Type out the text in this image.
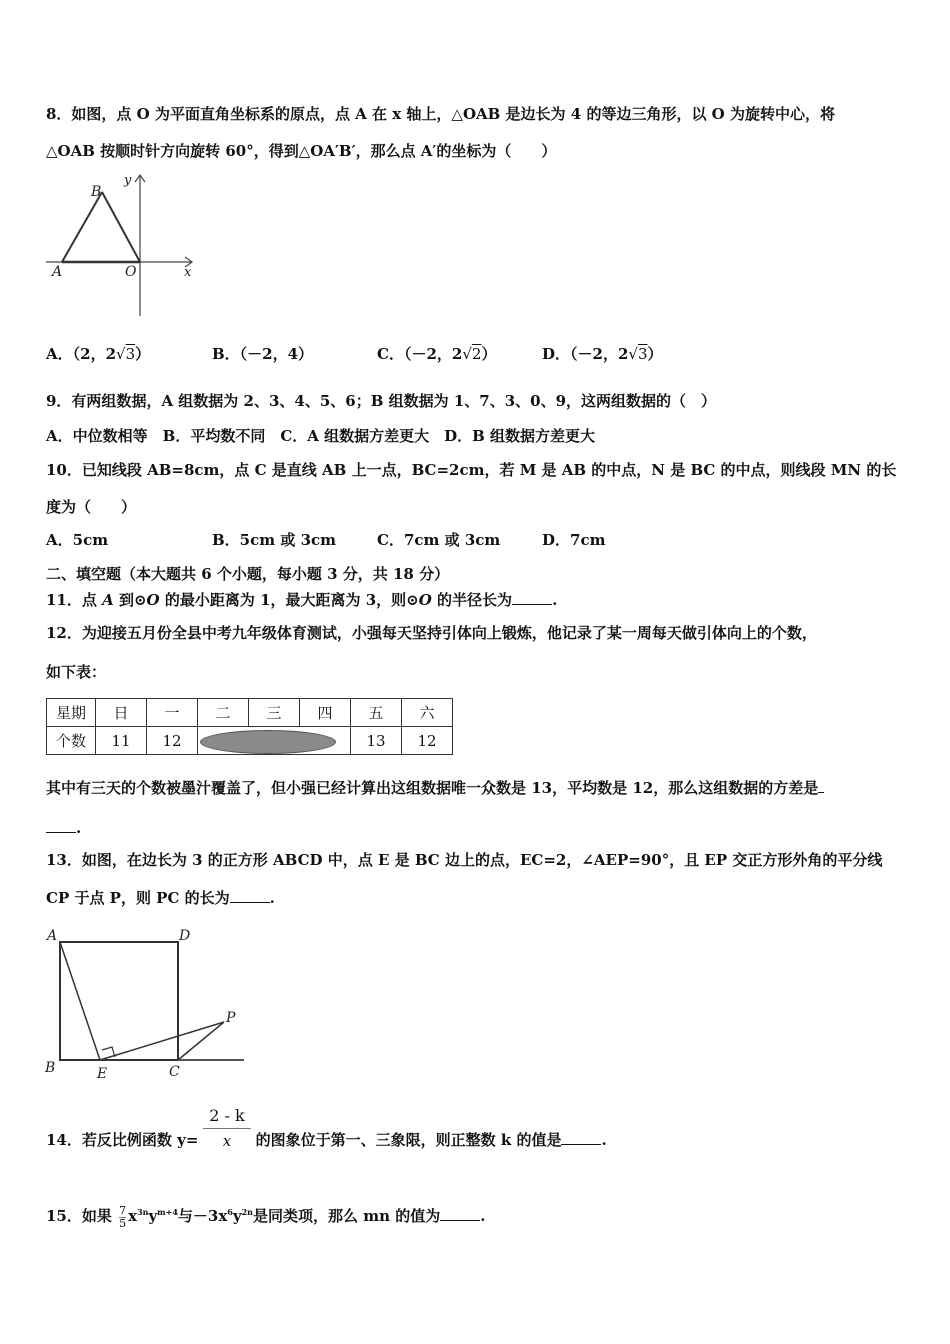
8．如图，点 O 为平面直角坐标系的原点，点 A 在 x 轴上，△OAB 是边长为 4 的等边三角形，以 O 为旋转中心，将
△OAB 按顺时针方向旋转 60°，得到△OA′B′，那么点 A′的坐标为（　　）
B
y
A	O	x
A．（2，2√3）	B．（－2，4）	C．（－2，2√2）	D．（－2，2√3）
9．有两组数据，A 组数据为 2、3、4、5、6；B 组数据为 1、7、3、0、9，这两组数据的（　）
A．中位数相等　B．平均数不同　C．A 组数据方差更大　D．B 组数据方差更大
10．已知线段 AB=8cm，点 C 是直线 AB 上一点，BC=2cm，若 M 是 AB 的中点，N 是 BC 的中点，则线段 MN 的长
度为（　　）
A．5cm	B．5cm 或 3cm	C．7cm 或 3cm	D．7cm
二、填空题（本大题共 6 个小题，每小题 3 分，共 18 分）
11．点 A 到⊙O 的最小距离为 1，最大距离为 3，则⊙O 的半径长为	.
12．为迎接五月份全县中考九年级体育测试，小强每天坚持引体向上锻炼，他记录了某一周每天做引体向上的个数，
如下表：
星期	日	一	二	三	四	五	六
个数	11	12				13	12
其中有三天的个数被墨汁覆盖了，但小强已经计算出这组数据唯一众数是 13，平均数是 12，那么这组数据的方差是
.
13．如图，在边长为 3 的正方形 ABCD 中，点 E 是 BC 边上的点，EC=2，∠AEP=90°，且 EP 交正方形外角的平分线
CP 于点 P，则 PC 的长为	.
A	D
P
B	E	C
14．若反比例函数 y=	的图象位于第一、三象限，则正整数 k 的值是	.
$\frac{2 - k}{x}$
15．如果 $\frac{7}{5} x^{3n}y^{m+4}$与$-3x^6y^{2n}$是同类项，那么 mn 的值为	.
